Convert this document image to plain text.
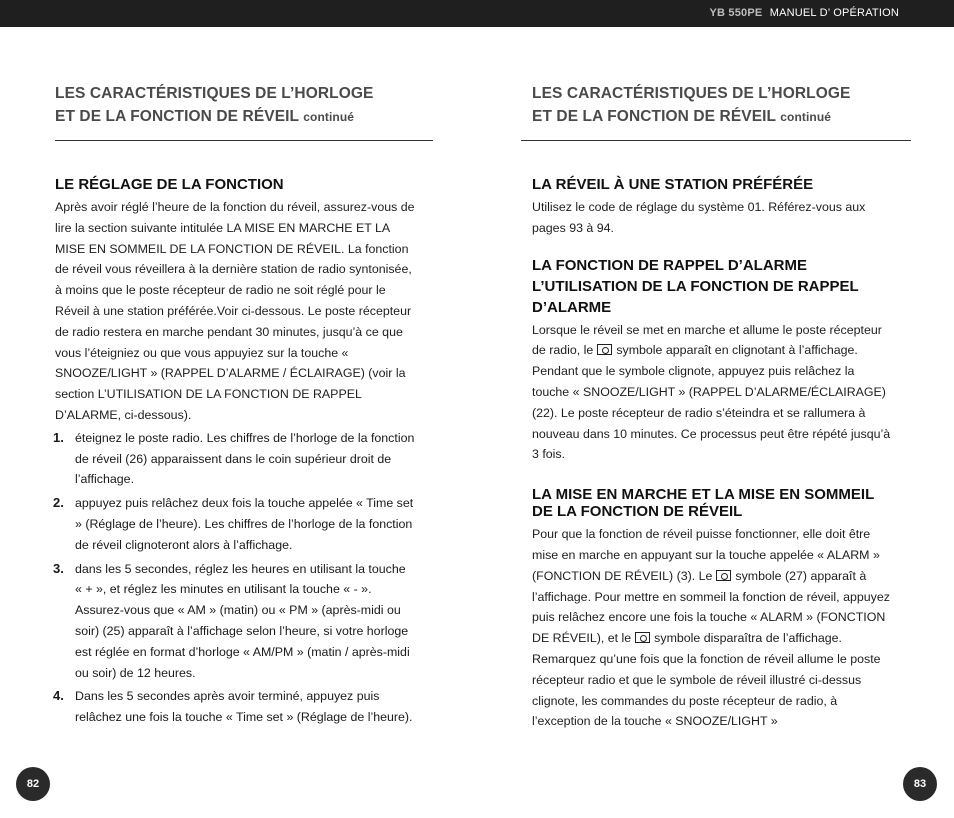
YB 550PE MANUEL D’ OPÉRATION
LES CARACTÉRISTIQUES DE L’HORLOGE
ET DE LA FONCTION DE RÉVEIL continué
LE RÉGLAGE DE LA FONCTION

Après avoir réglé l’heure de la fonction du réveil, assurez-vous de lire la section suivante intitulée LA MISE EN MARCHE ET LA MISE EN SOMMEIL DE LA FONCTION DE RÉVEIL. La fonction de réveil vous réveillera à la dernière station de radio syntonisée, à moins que le poste récepteur de radio ne soit réglé pour le Réveil à une station préférée.Voir ci-dessous. Le poste récepteur de radio restera en marche pendant 30 minutes, jusqu’à ce que vous l’éteigniez ou que vous appuyiez sur la touche « SNOOZE/LIGHT » (RAPPEL D’ALARME / ÉCLAIRAGE) (voir la section L’UTILISATION DE LA FONCTION DE RAPPEL D’ALARME, ci-dessous).

1. éteignez le poste radio. Les chiffres de l’horloge de la fonction de réveil (26) apparaissent dans le coin supérieur droit de l’affichage.
2. appuyez puis relâchez deux fois la touche appelée « Time set » (Réglage de l’heure). Les chiffres de l’horloge de la fonction de réveil clignoteront alors à l’affichage.
3. dans les 5 secondes, réglez les heures en utilisant la touche « + », et réglez les minutes en utilisant la touche « - ». Assurez-vous que « AM » (matin) ou « PM » (après-midi ou soir) (25) apparaît à l’affichage selon l’heure, si votre horloge est réglée en format d’horloge « AM/PM » (matin / après-midi ou soir) de 12 heures.
4. Dans les 5 secondes après avoir terminé, appuyez puis relâchez une fois la touche « Time set » (Réglage de l’heure).
LES CARACTÉRISTIQUES DE L’HORLOGE
ET DE LA FONCTION DE RÉVEIL continué
LA RÉVEIL À UNE STATION PRÉFÉRÉE

Utilisez le code de réglage du système 01. Référez-vous aux pages 93 à 94.

LA FONCTION DE RAPPEL D’ALARME L’UTILISATION DE LA FONCTION DE RAPPEL D’ALARME

Lorsque le réveil se met en marche et allume le poste récepteur de radio, le symbole apparaît en clignotant à l’affichage. Pendant que le symbole clignote, appuyez puis relâchez la touche « SNOOZE/LIGHT » (RAPPEL D’ALARME/ÉCLAIRAGE) (22). Le poste récepteur de radio s’éteindra et se rallumera à nouveau dans 10 minutes. Ce processus peut être répété jusqu’à 3 fois.

LA MISE EN MARCHE ET LA MISE EN SOMMEIL DE LA FONCTION DE RÉVEIL

Pour que la fonction de réveil puisse fonctionner, elle doit être mise en marche en appuyant sur la touche appelée « ALARM » (FONCTION DE RÉVEIL) (3). Le symbole (27) apparaît à l’affichage. Pour mettre en sommeil la fonction de réveil, appuyez puis relâchez encore une fois la touche « ALARM » (FONCTION DE RÉVEIL), et le symbole disparaîtra de l’affichage. Remarquez qu’une fois que la fonction de réveil allume le poste récepteur radio et que le symbole de réveil illustré ci-dessus clignote, les commandes du poste récepteur de radio, à l’exception de la touche « SNOOZE/LIGHT »

82	83
